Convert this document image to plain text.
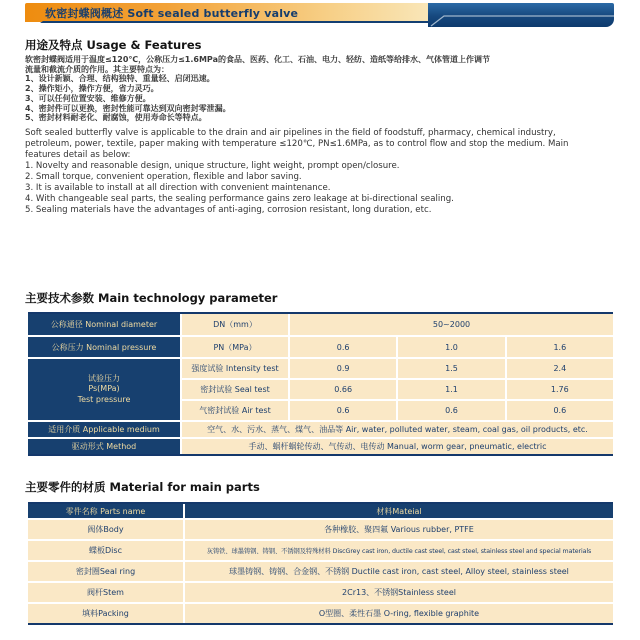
软密封蝶阀概述 Soft sealed butterfly valve
用途及特点 Usage & Features
软密封蝶阀适用于温度≤120℃，公称压力≤1.6MPa的食品、医药、化工、石油、电力、轻纺、造纸等给排水、气体管道上作调节
流量和截流介质的作用。其主要特点为：
1、设计新颖、合理、结构独特、重量轻、启闭迅速。
2、操作矩小，操作方便，省力灵巧。
3、可以任何位置安装、维修方便。
4、密封件可以更换，密封性能可靠达到双向密封零泄漏。
5、密封材料耐老化、耐腐蚀，使用寿命长等特点。
Soft sealed butterfly valve is applicable to the drain and air pipelines in the field of foodstuff, pharmacy, chemical industry,
petroleum, power, textile, paper making with temperature ≤120℃, PN≤1.6MPa, as to control flow and stop the medium. Main
features detail as below:
1. Novelty and reasonable design, unique structure, light weight, prompt open/closure.
2. Small torque, convenient operation, flexible and labor saving.
3. It is available to install at all direction with convenient maintenance.
4. With changeable seal parts, the sealing performance gains zero leakage at bi-directional sealing.
5. Sealing materials have the advantages of anti-aging, corrosion resistant, long duration, etc.
主要技术参数 Main technology parameter
公称通径 Nominal diameter	DN（mm）	50~2000
公称压力 Nominal pressure	PN（MPa）	0.6	1.0	1.6
试验压力
Ps(MPa)
Test pressure
强度试验 Intensity test	0.9	1.5	2.4
密封试验 Seal test	0.66	1.1	1.76
气密封试验 Air test	0.6	0.6	0.6
适用介质 Applicable medium	空气、水、污水、蒸气、煤气、油品等 Air, water, polluted water, steam, coal gas, oil products, etc.
驱动形式 Method	手动、蜗杆蜗轮传动、气传动、电传动 Manual, worm gear, pneumatic, electric
主要零件的材质 Material for main parts
零件名称 Parts name	材料Mateial
阀体Body	各种橡胶、聚四氟 Various rubber, PTFE
蝶板Disc	灰铸铁、球墨铸钢、铸钢、不锈钢及特殊材料 DiscGrey cast iron, ductile cast steel, cast steel, stainless steel and special materials
密封圈Seal ring	球墨铸钢、铸钢、合金钢、不锈钢 Ductile cast iron, cast steel, Alloy steel, stainless steel
阀杆Stem	2Cr13、不锈钢Stainless steel
填料Packing	O型圈、柔性石墨 O-ring, flexible graphite
